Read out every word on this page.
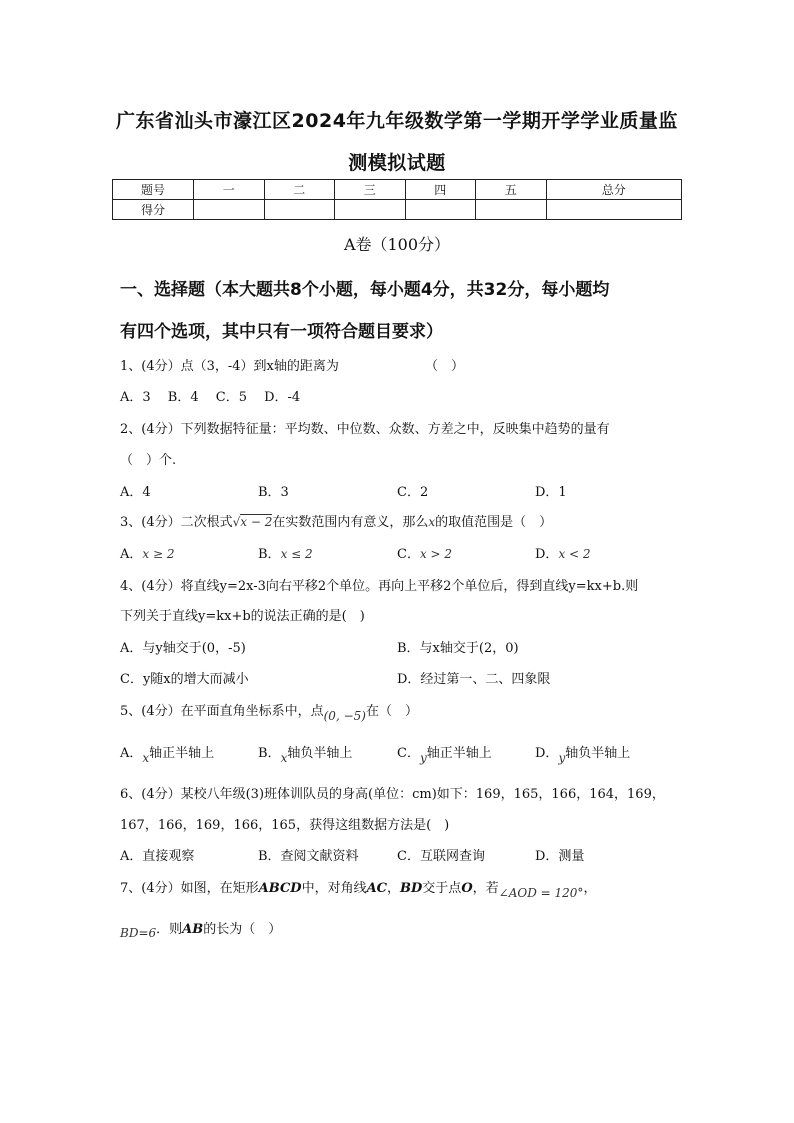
广东省汕头市濠江区2024年九年级数学第一学期开学学业质量监
测模拟试题
题号	一	二	三	四	五	总分
得分						
A卷（100分）
一、选择题（本大题共8个小题，每小题4分，共32分，每小题均
有四个选项，其中只有一项符合题目要求）
1、(4分）点（3，-4）到x轴的距离为	（　）
A．3　 B．4　 C．5　 D．-4
2、(4分）下列数据特征量：平均数、中位数、众数、方差之中，反映集中趋势的量有
（　）个.
A．4	B．3	C．2	D．1
3、(4分）二次根式√x − 2在实数范围内有意义，那么x的取值范围是（　）
A．x ≥ 2	B．x ≤ 2	C．x > 2	D．x < 2
4、(4分）将直线y=2x-3向右平移2个单位。再向上平移2个单位后，得到直线y=kx+b.则
下列关于直线y=kx+b的说法正确的是(　)
A．与y轴交于(0，-5)	B．与x轴交于(2，0)
C．y随x的增大而减小	D．经过第一、二、四象限
5、(4分）在平面直角坐标系中，点(0, −5)在（　）
A．x轴正半轴上	B．x轴负半轴上	C．y轴正半轴上	D．y轴负半轴上
6、(4分）某校八年级(3)班体训队员的身高(单位：cm)如下：169，165，166，164，169，
167，166，169，166，165，获得这组数据方法是(　)
A．直接观察	B．查阅文献资料	C．互联网查询	D．测量
7、(4分）如图，在矩形ABCD中，对角线AC，BD交于点O，若∠AOD = 120°，
BD=6．则AB的长为（　）
